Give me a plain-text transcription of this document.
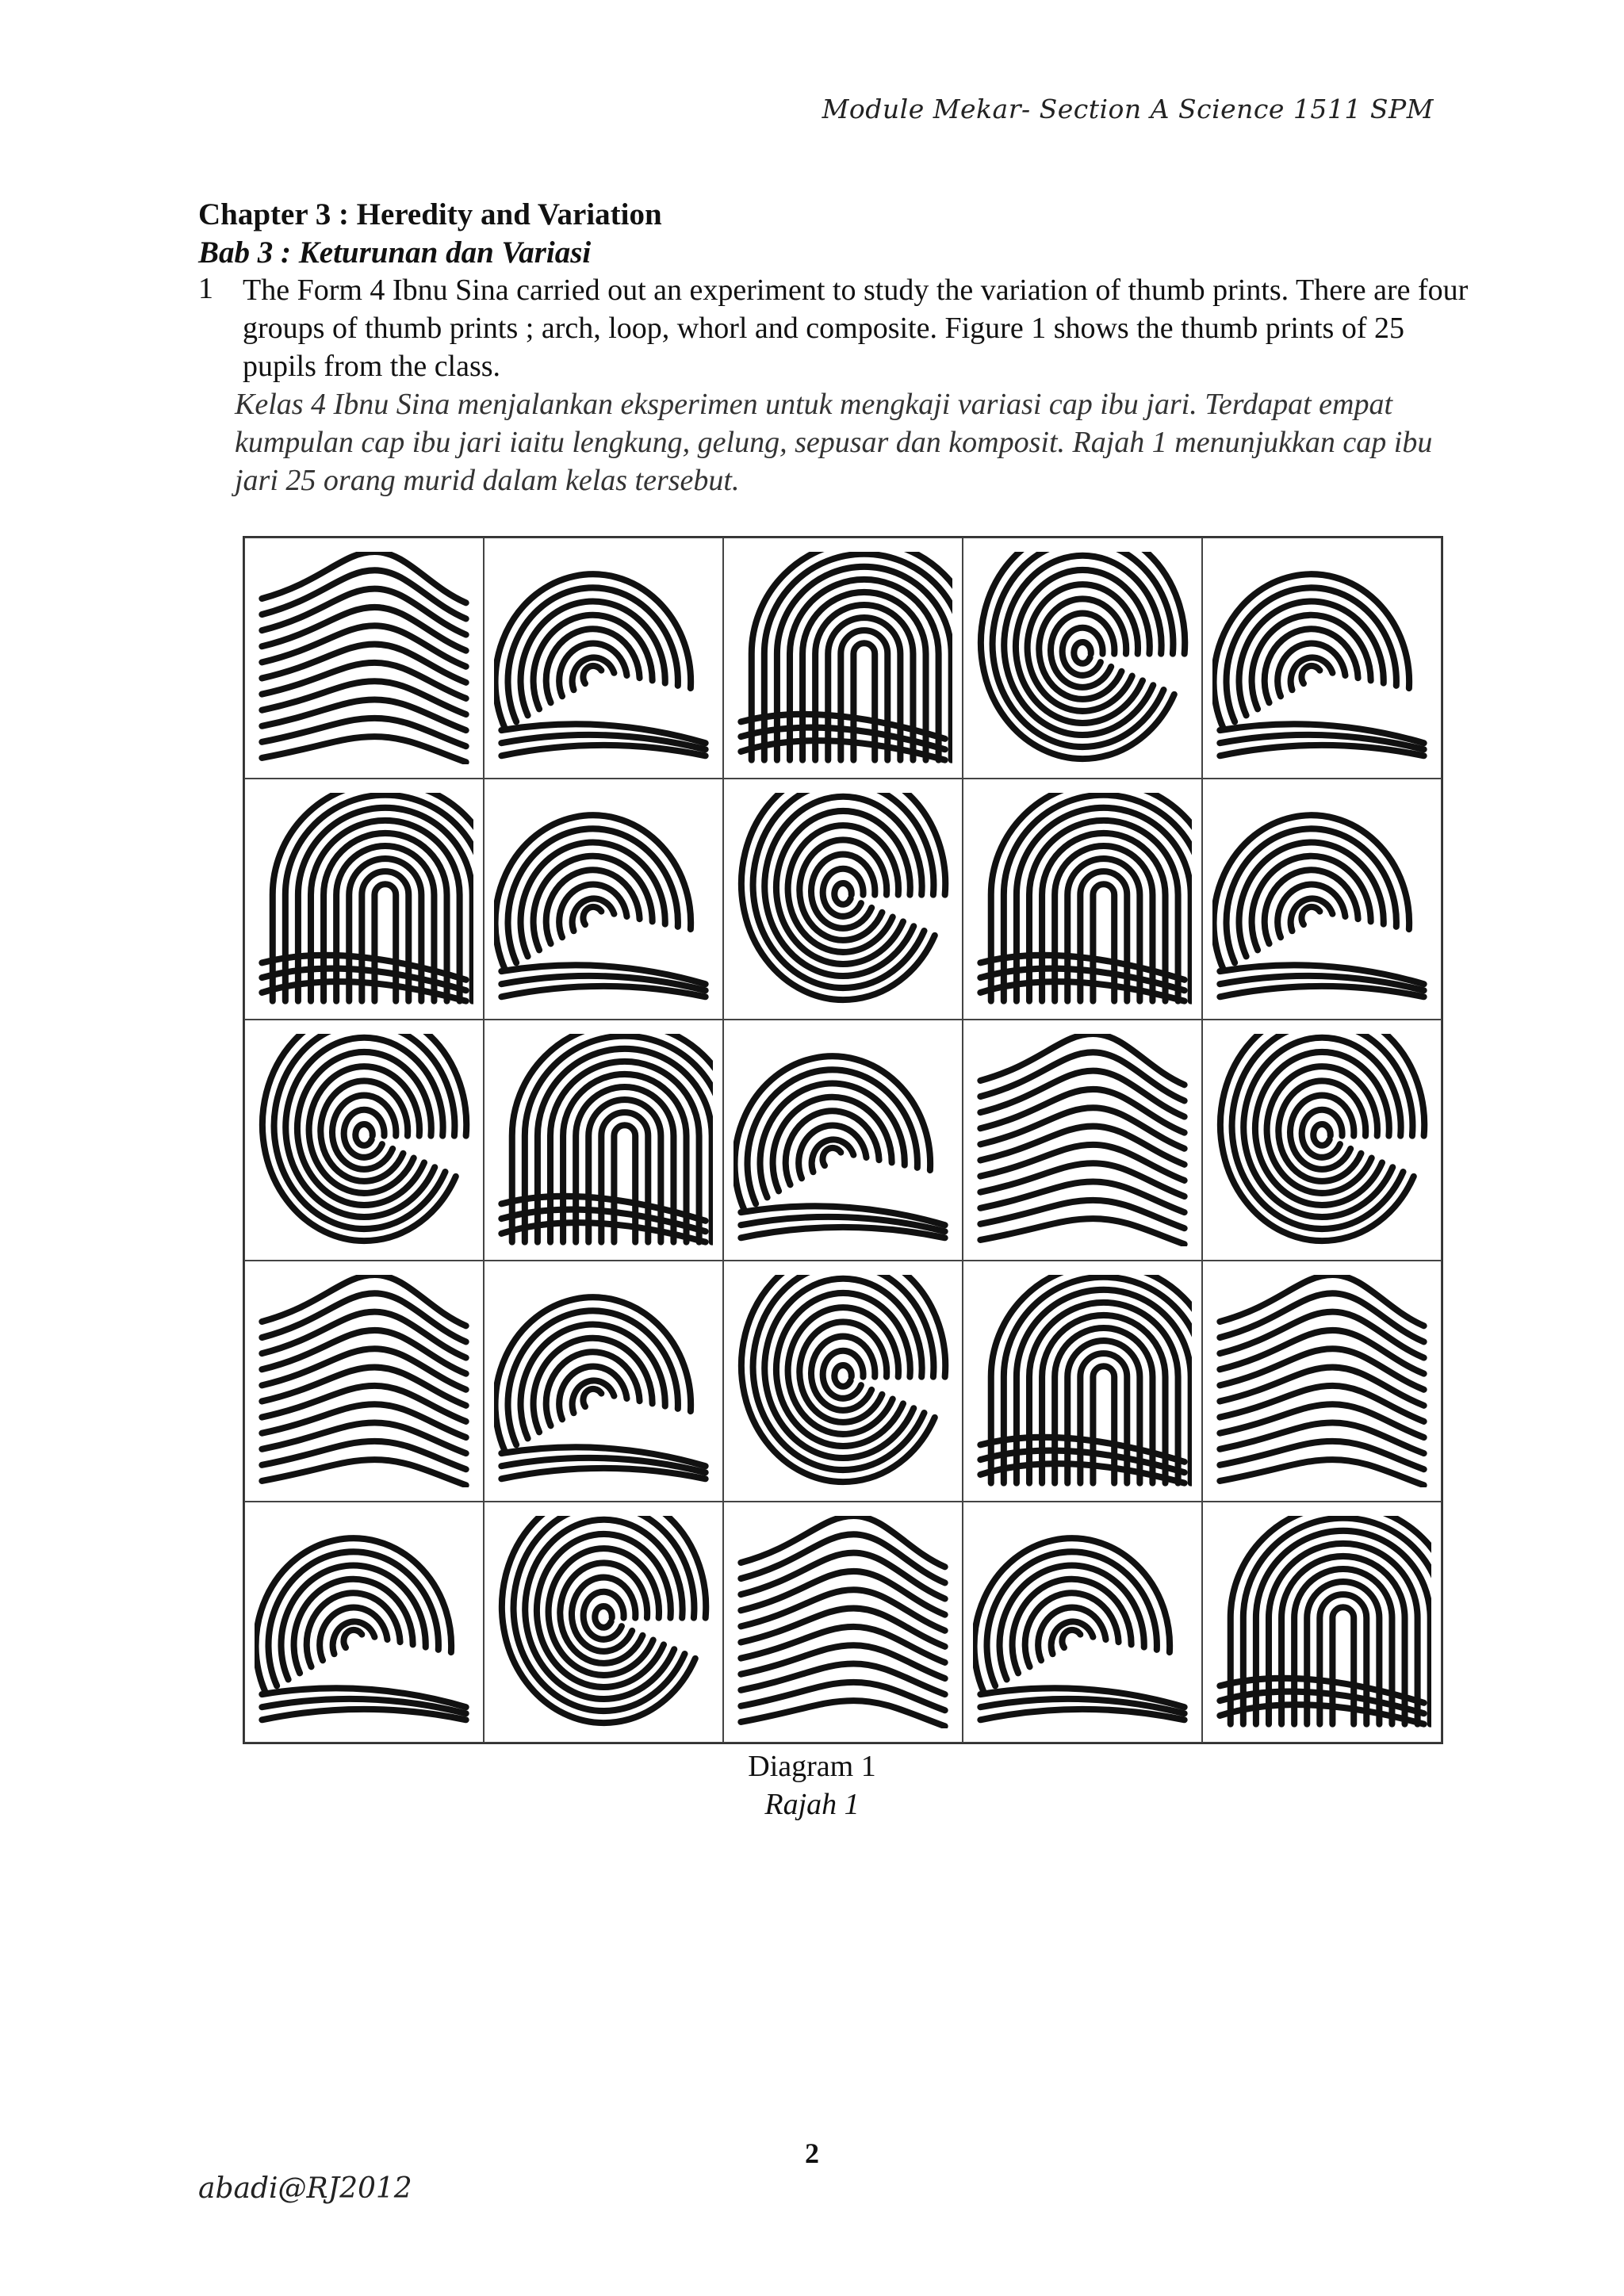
Module Mekar- Section A Science 1511 SPM
Chapter 3 : Heredity and Variation
Bab 3 : Keturunan dan Variasi
1 The Form 4 Ibnu Sina carried out an experiment to study the variation of thumb prints. There are four groups of thumb prints ; arch, loop, whorl and composite. Figure 1 shows the thumb prints of 25 pupils from the class.
Kelas 4 Ibnu Sina menjalankan eksperimen untuk mengkaji variasi cap ibu jari. Terdapat empat kumpulan cap ibu jari iaitu lengkung, gelung, sepusar dan komposit. Rajah 1 menunjukkan cap ibu jari 25 orang murid dalam kelas tersebut.
Diagram 1
Rajah 1
2
abadi@RJ2012
